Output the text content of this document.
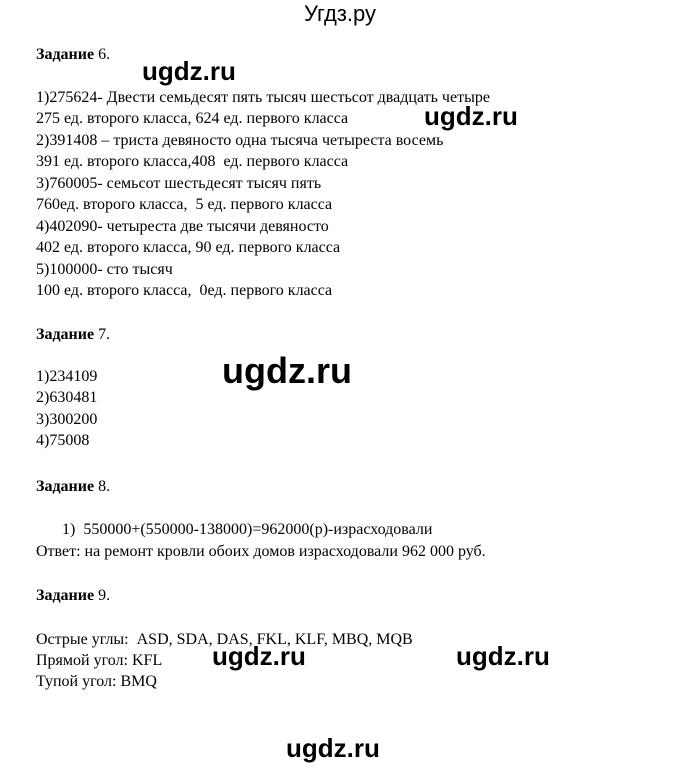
Угдз.ру
Задание 6.
1)275624- Двести семьдесят пять тысяч шестьсот двадцать четыре
275 ед. второго класса, 624 ед. первого класса
2)391408 – триста девяносто одна тысяча четыреста восемь
391 ед. второго класса,408  ед. первого класса
3)760005- семьсот шестьдесят тысяч пять
760ед. второго класса,  5 ед. первого класса
4)402090- четыреста две тысячи девяносто
402 ед. второго класса, 90 ед. первого класса
5)100000- сто тысяч
100 ед. второго класса,  0ед. первого класса
Задание 7.
1)234109
2)630481
3)300200
4)75008
Задание 8.
1)  550000+(550000-138000)=962000(р)-израсходовали
Ответ: на ремонт кровли обоих домов израсходовали 962 000 руб.
Задание 9.
Острые углы:  ASD, SDA, DAS, FKL, KLF, MBQ, MQB
Прямой угол: KFL
Тупой угол: BMQ
ugdz.ru
ugdz.ru
ugdz.ru
ugdz.ru	ugdz.ru
ugdz.ru
